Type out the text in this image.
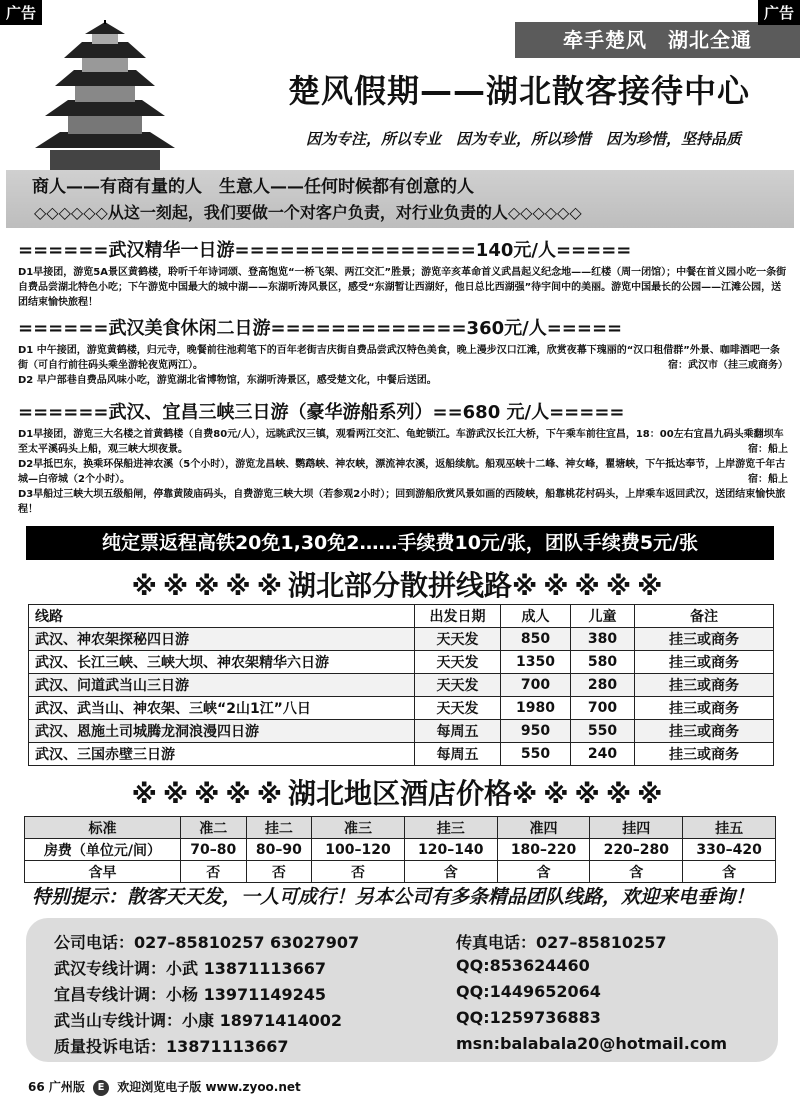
广告	广告
牵手楚风　湖北全通
楚风假期——湖北散客接待中心
因为专注，所以专业　因为专业，所以珍惜　因为珍惜，坚持品质
商人——有商有量的人　生意人——任何时候都有创意的人
◇◇◇◇◇◇从这一刻起，我们要做一个对客户负责，对行业负责的人◇◇◇◇◇◇
======武汉精华一日游================140元/人=====
D1早接团，游览5A景区黄鹤楼，聆听千年诗词颂、登高饱览“一桥飞架、两江交汇”胜景；游览辛亥革命首义武昌起义纪念地——红楼（周一闭馆）；中餐在首义园小吃一条街自费品尝湖北特色小吃；下午游览中国最大的城中湖——东湖听涛风景区，感受“东湖暂让西湖好，他日总比西湖强”待宇间中的美丽。游览中国最长的公园——江滩公园，送团结束愉快旅程！
======武汉美食休闲二日游=============360元/人=====
D1 中午接团，游览黄鹤楼，归元寺，晚餐前往池莉笔下的百年老街吉庆街自费品尝武汉特色美食，晚上漫步汉口江滩，欣赏夜幕下瑰丽的“汉口租借群”外景、咖啡酒吧一条街（可自行前往码头乘坐游轮夜览两江）。	宿：武汉市（挂三或商务）
D2 早户部巷自费品风味小吃，游览湖北省博物馆，东湖听涛景区，感受楚文化，中餐后送团。
======武汉、宜昌三峡三日游（豪华游船系列）==680 元/人=====
D1早接团，游览三大名楼之首黄鹤楼（自费80元/人），远眺武汉三镇，观看两江交汇、龟蛇锁江。车游武汉长江大桥，下午乘车前往宜昌，18：00左右宜昌九码头乘翻坝车至太平溪码头上船，观三峡大坝夜景。	宿：船上
D2早抵巴东，换乘环保船进神农溪（5个小时），游览龙昌峡、鹦鹉峡、神农峡，漂流神农溪，返船续航。船观巫峡十二峰、神女峰，瞿塘峡，下午抵达奉节，上岸游览千年古城—白帝城（2个小时）。	宿：船上
D3早船过三峡大坝五级船闸，停靠黄陵庙码头，自费游览三峡大坝（若参观2小时）；回到游船欣赏风景如画的西陵峡，船靠桃花村码头，上岸乘车返回武汉，送团结束愉快旅程！
纯定票返程高铁20免1,30免2……手续费10元/张，团队手续费5元/张
※※※※※湖北部分散拼线路※※※※※
线路	出发日期	成人	儿童	备注
武汉、神农架探秘四日游	天天发	850	380	挂三或商务
武汉、长江三峡、三峡大坝、神农架精华六日游	天天发	1350	580	挂三或商务
武汉、问道武当山三日游	天天发	700	280	挂三或商务
武汉、武当山、神农架、三峡“2山1江”八日	天天发	1980	700	挂三或商务
武汉、恩施土司城腾龙洞浪漫四日游	每周五	950	550	挂三或商务
武汉、三国赤壁三日游	每周五	550	240	挂三或商务
※※※※※湖北地区酒店价格※※※※※
标准	准二	挂二	准三	挂三	准四	挂四	挂五
房费（单位元/间）	70–80	80–90	100–120	120–140	180–220	220–280	330–420
含早	否	否	否	含	含	含	含
特别提示：散客天天发，一人可成行！另本公司有多条精品团队线路，欢迎来电垂询！
公司电话：027–85810257 63027907
武汉专线计调：小武 13871113667
宜昌专线计调：小杨 13971149245
武当山专线计调：小康 18971414002
质量投诉电话：13871113667
传真电话：027–85810257
QQ:853624460
QQ:1449652064
QQ:1259736883
msn:balabala20@hotmail.com
66 广州版 E 欢迎浏览电子版 www.zyoo.net
